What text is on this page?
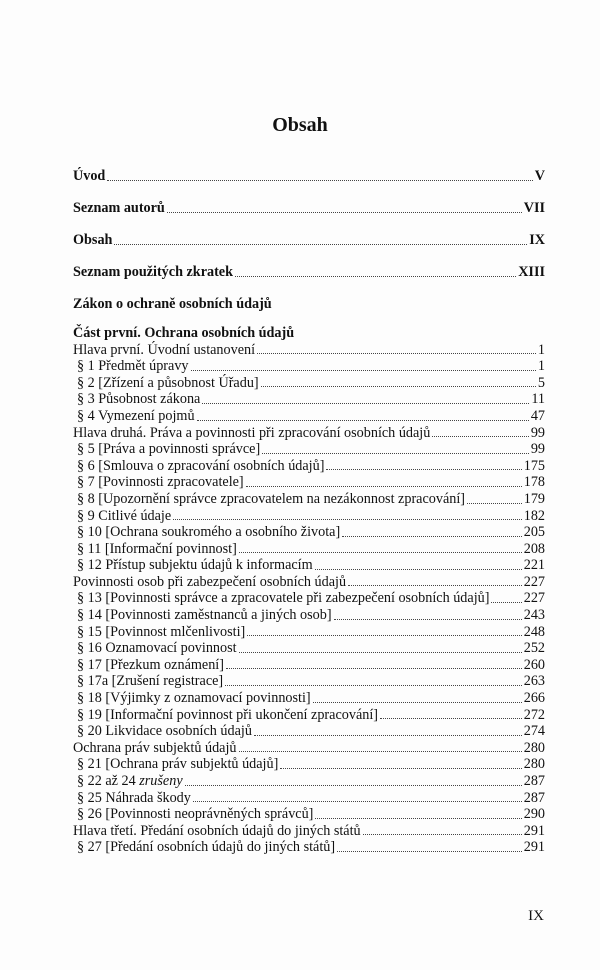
Obsah
Úvod	V
Seznam autorů	VII
Obsah	IX
Seznam použitých zkratek	XIII
Zákon o ochraně osobních údajů
Část první. Ochrana osobních údajů
Hlava první. Úvodní ustanovení	1
§ 1 Předmět úpravy	1
§ 2 [Zřízení a působnost Úřadu]	5
§ 3 Působnost zákona	11
§ 4 Vymezení pojmů	47
Hlava druhá. Práva a povinnosti při zpracování osobních údajů	99
§ 5 [Práva a povinnosti správce]	99
§ 6 [Smlouva o zpracování osobních údajů]	175
§ 7 [Povinnosti zpracovatele]	178
§ 8 [Upozornění správce zpracovatelem na nezákonnost zpracování]	179
§ 9 Citlivé údaje	182
§ 10 [Ochrana soukromého a osobního života]	205
§ 11 [Informační povinnost]	208
§ 12 Přístup subjektu údajů k informacím	221
Povinnosti osob při zabezpečení osobních údajů	227
§ 13 [Povinnosti správce a zpracovatele při zabezpečení osobních údajů] 227
§ 14 [Povinnosti zaměstnanců a jiných osob]	243
§ 15 [Povinnost mlčenlivosti]	248
§ 16 Oznamovací povinnost	252
§ 17 [Přezkum oznámení]	260
§ 17a [Zrušení registrace]	263
§ 18 [Výjimky z oznamovací povinnosti]	266
§ 19 [Informační povinnost při ukončení zpracování]	272
§ 20 Likvidace osobních údajů	274
Ochrana práv subjektů údajů	280
§ 21 [Ochrana práv subjektů údajů]	280
§ 22 až 24 zrušeny	287
§ 25 Náhrada škody	287
§ 26 [Povinnosti neoprávněných správců]	290
Hlava třetí. Předání osobních údajů do jiných států	291
§ 27 [Předání osobních údajů do jiných států]	291
IX
